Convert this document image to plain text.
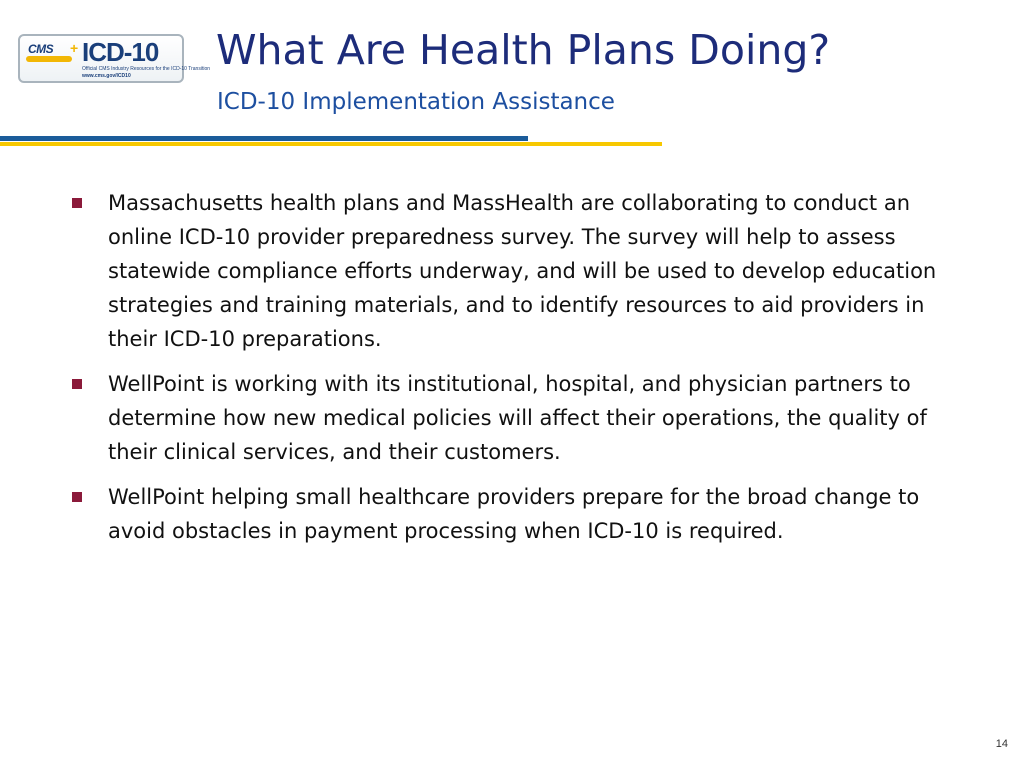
CMS + ICD-10
Official CMS Industry Resources for the ICD-10 Transition
www.cms.gov/ICD10
What Are Health Plans Doing?
ICD-10 Implementation Assistance
Massachusetts health plans and MassHealth are collaborating to conduct an online ICD-10 provider preparedness survey. The survey will help to assess statewide compliance efforts underway, and will be used to develop education strategies and training materials, and to identify resources to aid providers in their ICD-10 preparations.
WellPoint is working with its institutional, hospital, and physician partners to determine how new medical policies will affect their operations, the quality of their clinical services, and their customers.
WellPoint helping small healthcare providers prepare for the broad change to avoid obstacles in payment processing when ICD-10 is required.
14
